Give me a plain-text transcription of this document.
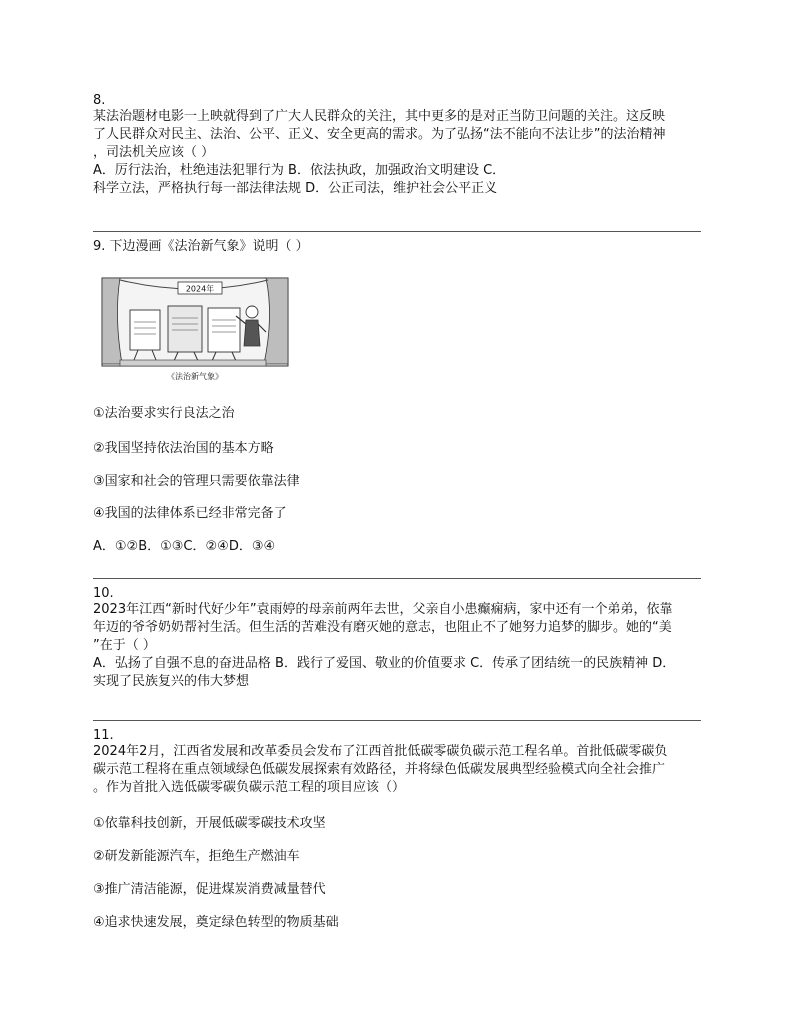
8.

某法治题材电影一上映就得到了广大人民群众的关注，其中更多的是对正当防卫问题的关注。这反映

了人民群众对民主、法治、公平、正义、安全更高的需求。为了弘扬“法不能向不法让步”的法治精神

，司法机关应该（ ）

A．厉行法治，杜绝违法犯罪行为 B．依法执政，加强政治文明建设 C．

科学立法，严格执行每一部法律法规 D．公正司法，维护社会公平正义

9. 下边漫画《法治新气象》说明（ ）

2024年
《法治新气象》

①法治要求实行良法之治

②我国坚持依法治国的基本方略

③国家和社会的管理只需要依靠法律

④我国的法律体系已经非常完备了

A．①②B．①③C．②④D．③④

10.

2023年江西“新时代好少年”袁雨婷的母亲前两年去世，父亲自小患癫痫病，家中还有一个弟弟，依靠

年迈的爷爷奶奶帮衬生活。但生活的苦难没有磨灭她的意志，也阻止不了她努力追梦的脚步。她的“美

”在于（ ）

A．弘扬了自强不息的奋进品格 B．践行了爱国、敬业的价值要求 C．传承了团结统一的民族精神 D．

实现了民族复兴的伟大梦想

11.

2024年2月，江西省发展和改革委员会发布了江西首批低碳零碳负碳示范工程名单。首批低碳零碳负

碳示范工程将在重点领域绿色低碳发展探索有效路径，并将绿色低碳发展典型经验模式向全社会推广

。作为首批入选低碳零碳负碳示范工程的项目应该（）

①依靠科技创新，开展低碳零碳技术攻坚

②研发新能源汽车，拒绝生产燃油车

③推广清洁能源，促进煤炭消费减量替代

④追求快速发展，奠定绿色转型的物质基础
